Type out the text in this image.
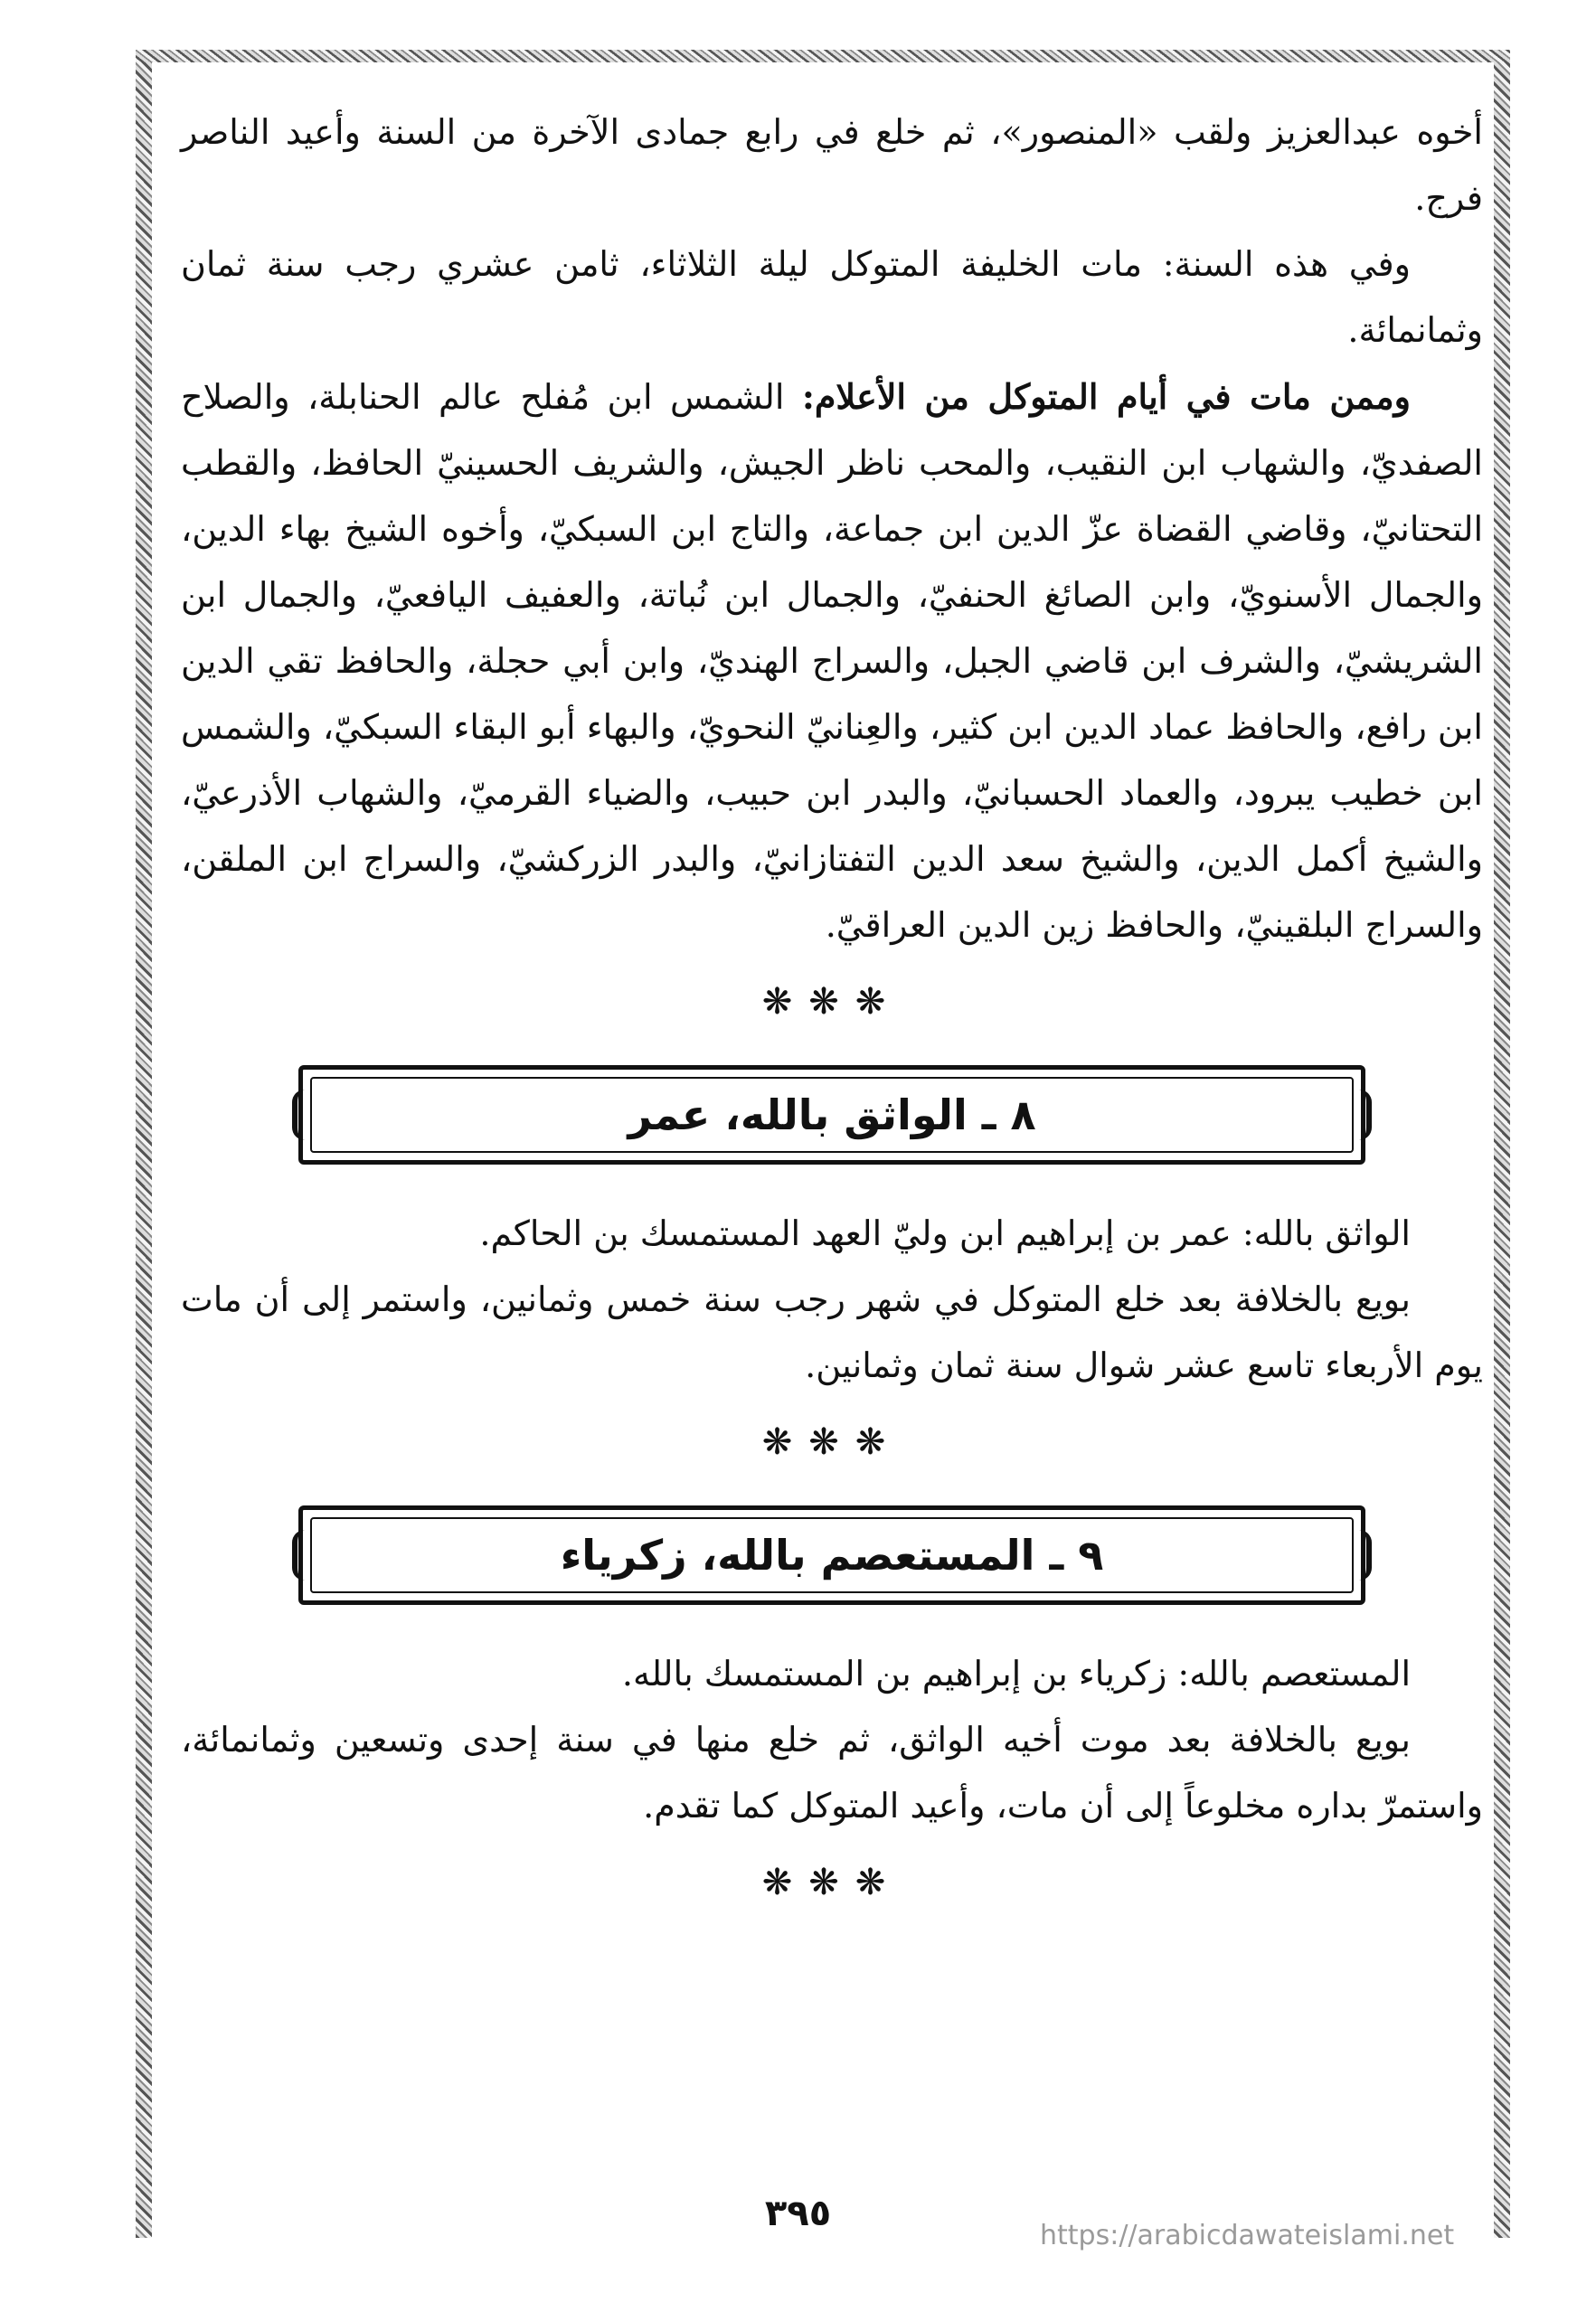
أخوه عبدالعزيز ولقب «المنصور»، ثم خلع في رابع جمادى الآخرة من السنة وأعيد الناصر فرج.

وفي هذه السنة: مات الخليفة المتوكل ليلة الثلاثاء، ثامن عشري رجب سنة ثمان وثمانمائة.

وممن مات في أيام المتوكل من الأعلام: الشمس ابن مُفلح عالم الحنابلة، والصلاح الصفديّ، والشهاب ابن النقيب، والمحب ناظر الجيش، والشريف الحسينيّ الحافظ، والقطب التحتانيّ، وقاضي القضاة عزّ الدين ابن جماعة، والتاج ابن السبكيّ، وأخوه الشيخ بهاء الدين، والجمال الأسنويّ، وابن الصائغ الحنفيّ، والجمال ابن نُباتة، والعفيف اليافعيّ، والجمال ابن الشريشيّ، والشرف ابن قاضي الجبل، والسراج الهنديّ، وابن أبي حجلة، والحافظ تقي الدين ابن رافع، والحافظ عماد الدين ابن كثير، والعِنانيّ النحويّ، والبهاء أبو البقاء السبكيّ، والشمس ابن خطيب يبرود، والعماد الحسبانيّ، والبدر ابن حبيب، والضياء القرميّ، والشهاب الأذرعيّ، والشيخ أكمل الدين، والشيخ سعد الدين التفتازانيّ، والبدر الزركشيّ، والسراج ابن الملقن، والسراج البلقينيّ، والحافظ زين الدين العراقيّ.

❋❋❋
٨ ـ الواثق بالله، عمر

الواثق بالله: عمر بن إبراهيم ابن وليّ العهد المستمسك بن الحاكم.

بويع بالخلافة بعد خلع المتوكل في شهر رجب سنة خمس وثمانين، واستمر إلى أن مات يوم الأربعاء تاسع عشر شوال سنة ثمان وثمانين.

❋❋❋
٩ ـ المستعصم بالله، زكرياء

المستعصم بالله: زكرياء بن إبراهيم بن المستمسك بالله.

بويع بالخلافة بعد موت أخيه الواثق، ثم خلع منها في سنة إحدى وتسعين وثمانمائة، واستمرّ بداره مخلوعاً إلى أن مات، وأعيد المتوكل كما تقدم.

❋❋❋
٣٩٥
https://arabicdawateislami.net
